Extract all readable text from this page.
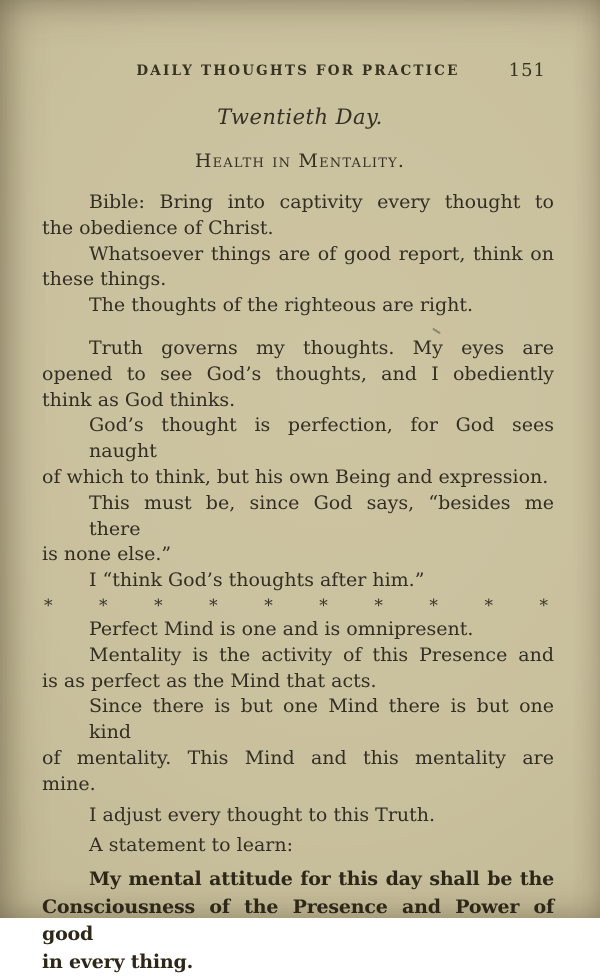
DAILY THOUGHTS FOR PRACTICE	151
Twentieth Day.
Health in Mentality.

Bible: Bring into captivity every thought to
the obedience of Christ.

Whatsoever things are of good report, think on
these things.

The thoughts of the righteous are right.

Truth governs my thoughts. My eyes are
opened to see God’s thoughts, and I obediently
think as God thinks.

God’s thought is perfection, for God sees naught
of which to think, but his own Being and expression.

This must be, since God says, “besides me there
is none else.”

I “think God’s thoughts after him.”

* * * * * * * * * *

Perfect Mind is one and is omnipresent.

Mentality is the activity of this Presence and
is as perfect as the Mind that acts.

Since there is but one Mind there is but one kind
of mentality. This Mind and this mentality are
mine.

I adjust every thought to this Truth.

A statement to learn:

My mental attitude for this day shall be the
Consciousness of the Presence and Power of good
in every thing.
